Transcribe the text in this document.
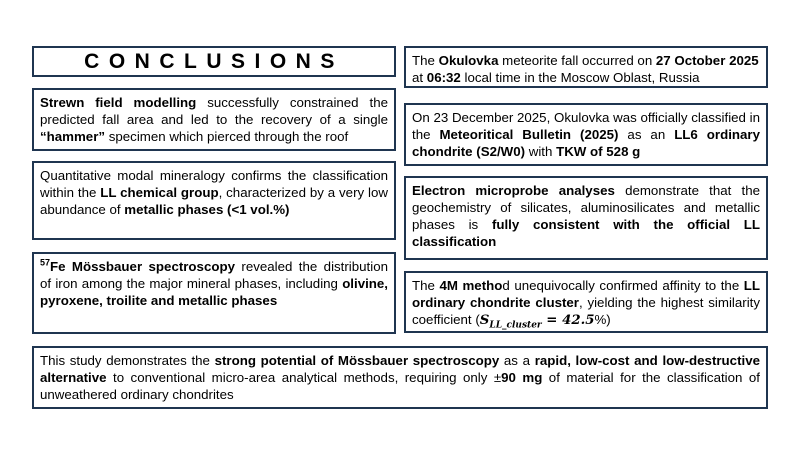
CONCLUSIONS
Strewn field modelling successfully constrained the predicted fall area and led to the recovery of a single “hammer” specimen which pierced through the roof
Quantitative modal mineralogy confirms the classification within the LL chemical group, characterized by a very low abundance of metallic phases (<1 vol.%)
$^{57}$Fe Mössbauer spectroscopy revealed the distribution of iron among the major mineral phases, including olivine, pyroxene, troilite and metallic phases
The Okulovka meteorite fall occurred on 27 October 2025 at 06:32 local time in the Moscow Oblast, Russia
On 23 December 2025, Okulovka was officially classified in the Meteoritical Bulletin (2025) as an LL6 ordinary chondrite (S2/W0) with TKW of 528 g
Electron microprobe analyses demonstrate that the geochemistry of silicates, aluminosilicates and metallic phases is fully consistent with the official LL classification
The 4M method unequivocally confirmed affinity to the LL ordinary chondrite cluster, yielding the highest similarity coefficient $(S_{LL\_cluster} = 42.5\%)$
This study demonstrates the strong potential of Mössbauer spectroscopy as a rapid, low-cost and low-destructive alternative to conventional micro-area analytical methods, requiring only ±90 mg of material for the classification of unweathered ordinary chondrites
